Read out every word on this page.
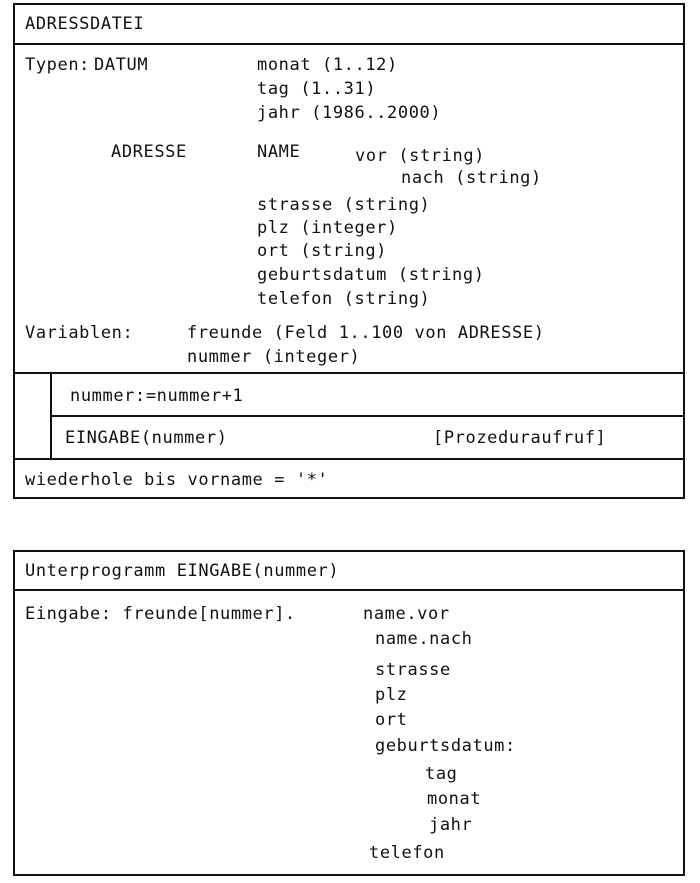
ADRESSDATEI
Typen: DATUM	monat (1..12)
tag (1..31)
jahr (1986..2000)
ADRESSE	NAME	vor (string)
nach (string)
strasse (string)
plz (integer)
ort (string)
geburtsdatum (string)
telefon (string)
Variablen:	freunde (Feld 1..100 von ADRESSE)
nummer (integer)
nummer:=nummer+1
EINGABE(nummer)	[Prozeduraufruf]
wiederhole bis vorname = '*'
Unterprogramm EINGABE(nummer)
Eingabe: freunde[nummer].	name.vor
name.nach
strasse
plz
ort
geburtsdatum:
tag
monat
jahr
telefon
